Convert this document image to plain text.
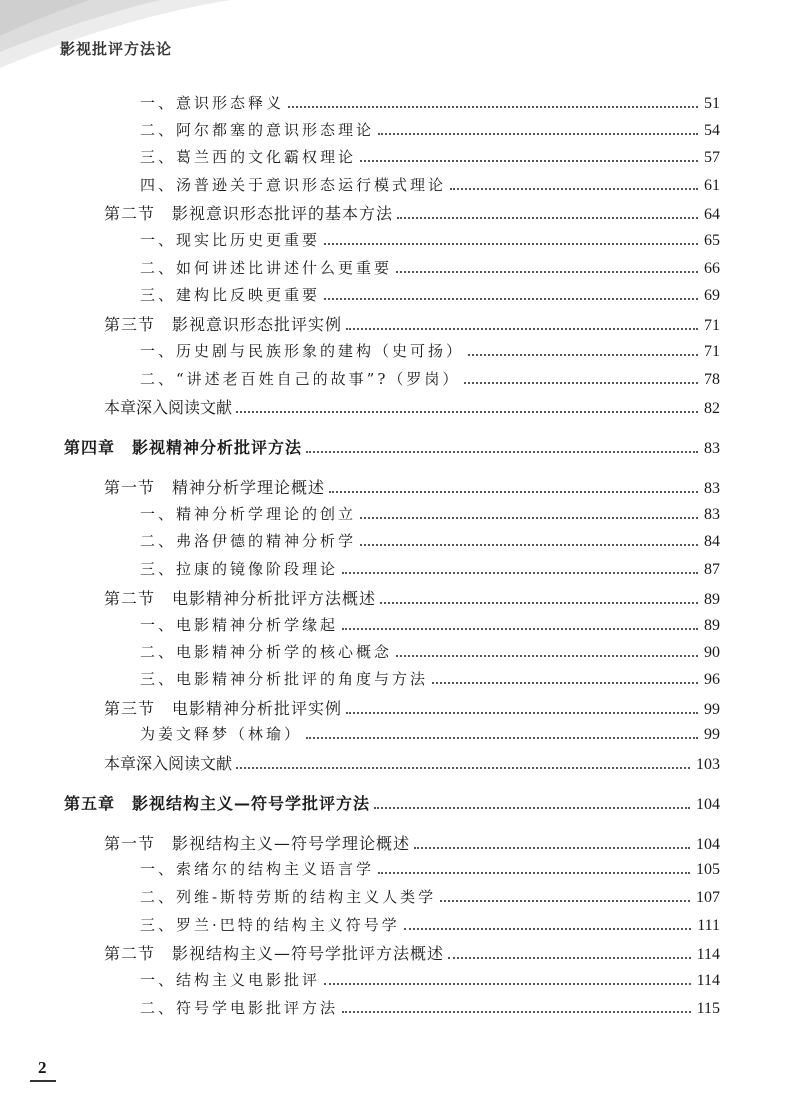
影视批评方法论
一、意识形态释义	51
二、阿尔都塞的意识形态理论	54
三、葛兰西的文化霸权理论	57
四、汤普逊关于意识形态运行模式理论	61
第二节　影视意识形态批评的基本方法	64
一、现实比历史更重要	65
二、如何讲述比讲述什么更重要	66
三、建构比反映更重要	69
第三节　影视意识形态批评实例	71
一、历史剧与民族形象的建构（史可扬）	71
二、“讲述老百姓自己的故事”?（罗岗）	78
本章深入阅读文献	82
第四章　影视精神分析批评方法	83
第一节　精神分析学理论概述	83
一、精神分析学理论的创立	83
二、弗洛伊德的精神分析学	84
三、拉康的镜像阶段理论	87
第二节　电影精神分析批评方法概述	89
一、电影精神分析学缘起	89
二、电影精神分析学的核心概念	90
三、电影精神分析批评的角度与方法	96
第三节　电影精神分析批评实例	99
为姜文释梦（林瑜）	99
本章深入阅读文献	103
第五章　影视结构主义—符号学批评方法	104
第一节　影视结构主义—符号学理论概述	104
一、索绪尔的结构主义语言学	105
二、列维-斯特劳斯的结构主义人类学	107
三、罗兰·巴特的结构主义符号学	111
第二节　影视结构主义—符号学批评方法概述	114
一、结构主义电影批评	114
二、符号学电影批评方法	115
2
